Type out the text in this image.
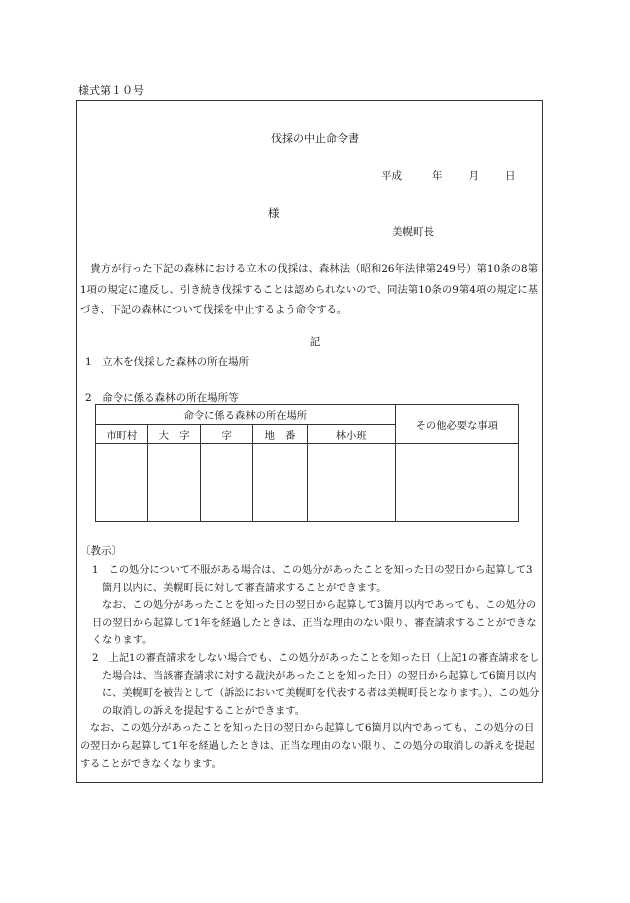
様式第１０号
伐採の中止命令書
平成	年 月 日
様
美幌町長

貴方が行った下記の森林における立木の伐採は、森林法（昭和26年法律第249号）第10条の8第1項の規定に違反し、引き続き伐採することは認められないので、同法第10条の9第4項の規定に基づき、下記の森林について伐採を中止するよう命令する。

記
1　立木を伐採した森林の所在場所
2　命令に係る森林の所在場所等
命令に係る森林の所在場所					その他必要な事項
市町村	大　字	字	地　番	林小班	

〔教示〕

1　この処分について不服がある場合は、この処分があったことを知った日の翌日から起算して3箇月以内に、美幌町長に対して審査請求することができます。

なお、この処分があったことを知った日の翌日から起算して3箇月以内であっても、この処分の日の翌日から起算して1年を経過したときは、正当な理由のない限り、審査請求することができなくなります。

2　上記1の審査請求をしない場合でも、この処分があったことを知った日（上記1の審査請求をした場合は、当該審査請求に対する裁決があったことを知った日）の翌日から起算して6箇月以内に、美幌町を被告として（訴訟において美幌町を代表する者は美幌町長となります。）、この処分の取消しの訴えを提起することができます。

なお、この処分があったことを知った日の翌日から起算して6箇月以内であっても、この処分の日の翌日から起算して1年を経過したときは、正当な理由のない限り、この処分の取消しの訴えを提起することができなくなります。
